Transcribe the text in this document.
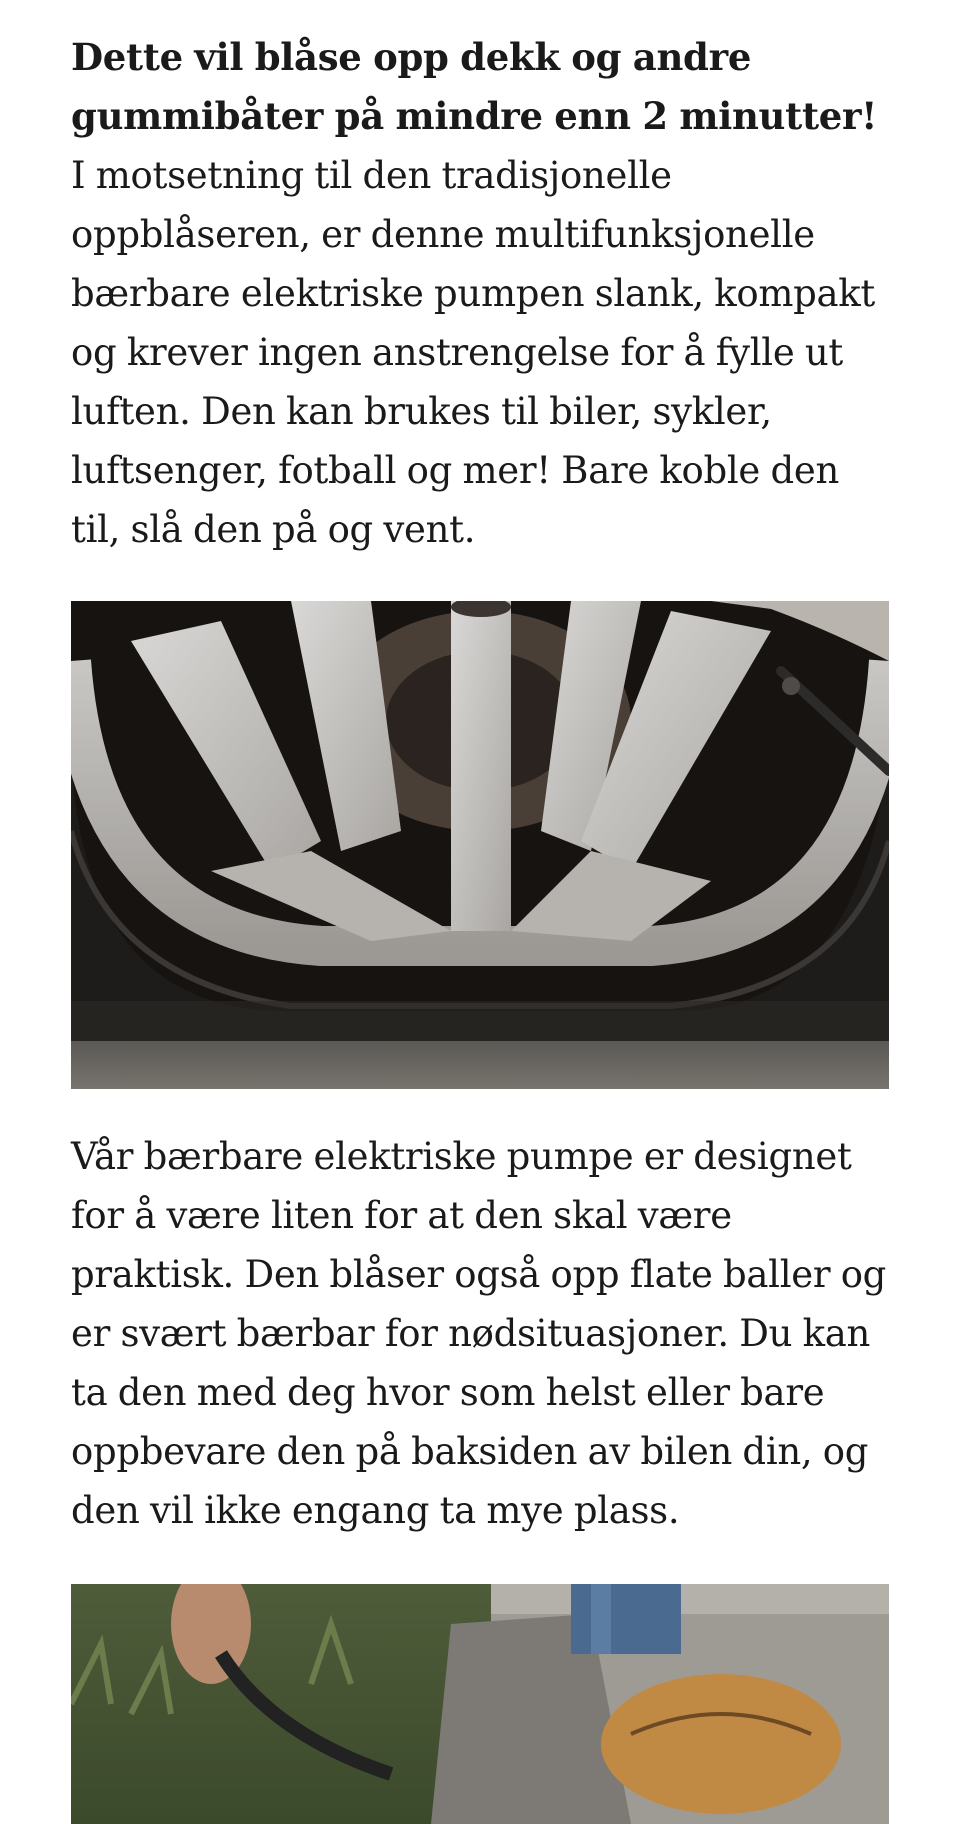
Dette vil blåse opp dekk og andre gummibåter på mindre enn 2 minutter! I motsetning til den tradisjonelle oppblåseren, er denne multifunksjonelle bærbare elektriske pumpen slank, kompakt og krever ingen anstrengelse for å fylle ut luften. Den kan brukes til biler, sykler, luftsenger, fotball og mer! Bare koble den til, slå den på og vent.

Vår bærbare elektriske pumpe er designet for å være liten for at den skal være praktisk. Den blåser også opp flate baller og er svært bærbar for nødsituasjoner. Du kan ta den med deg hvor som helst eller bare oppbevare den på baksiden av bilen din, og den vil ikke engang ta mye plass.
